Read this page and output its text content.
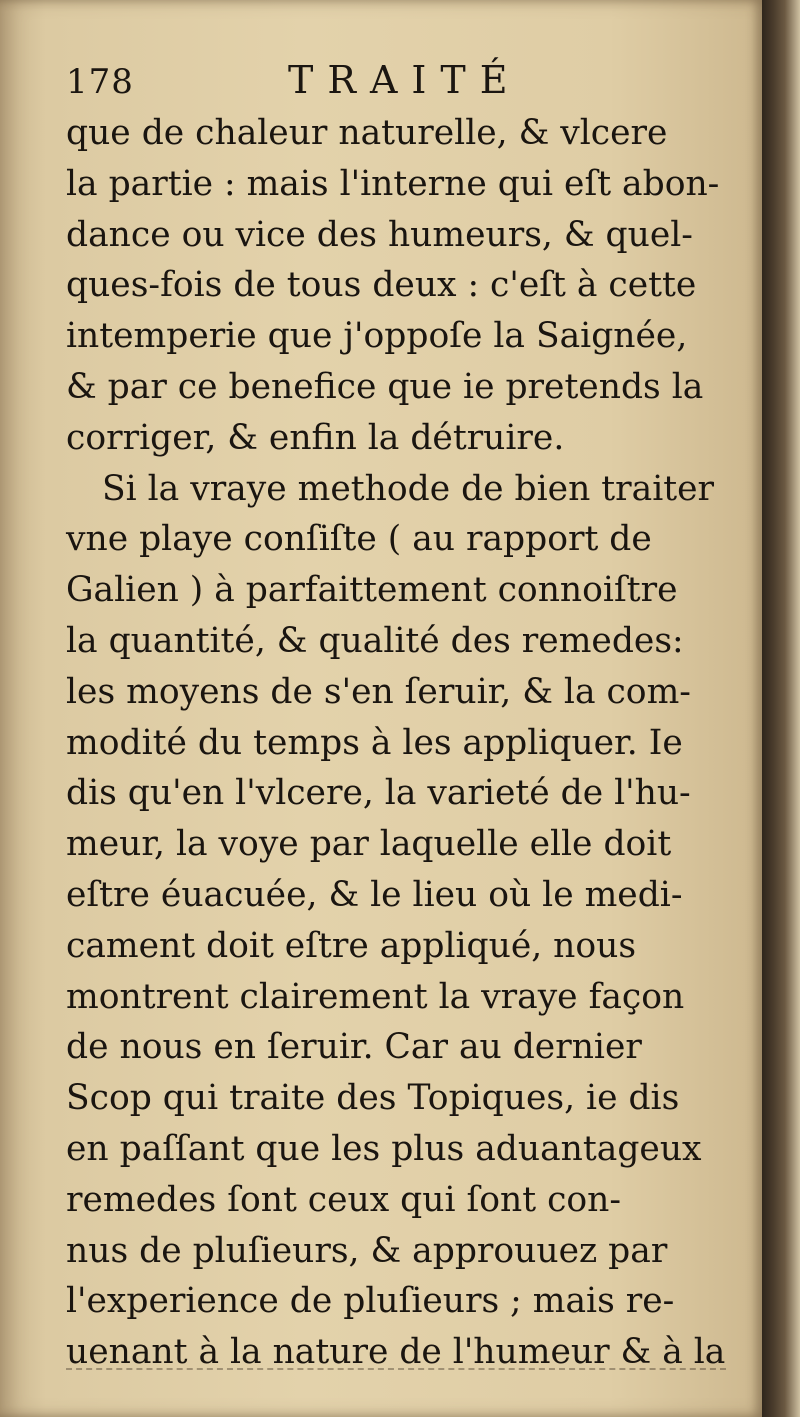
178	TRAITÉ
que de chaleur naturelle, & vlcere
la partie : mais l'interne qui eſt abon-
dance ou vice des humeurs, & quel-
ques-fois de tous deux : c'eſt à cette
intemperie que j'oppoſe la Saignée,
& par ce benefice que ie pretends la
corriger, & enfin la détruire.
Si la vraye methode de bien traiter
vne playe conſiſte ( au rapport de
Galien ) à parfaittement connoiſtre
la quantité, & qualité des remedes:
les moyens de s'en ſeruir, & la com-
modité du temps à les appliquer. Ie
dis qu'en l'vlcere, la varieté de l'hu-
meur, la voye par laquelle elle doit
eſtre éuacuée, & le lieu où le medi-
cament doit eſtre appliqué, nous
montrent clairement la vraye façon
de nous en ſeruir. Car au dernier
Scop qui traite des Topiques, ie dis
en paſſant que les plus aduantageux
remedes ſont ceux qui ſont con-
nus de pluſieurs, & approuuez par
l'experience de pluſieurs ; mais re-
uenant à la nature de l'humeur & à la
